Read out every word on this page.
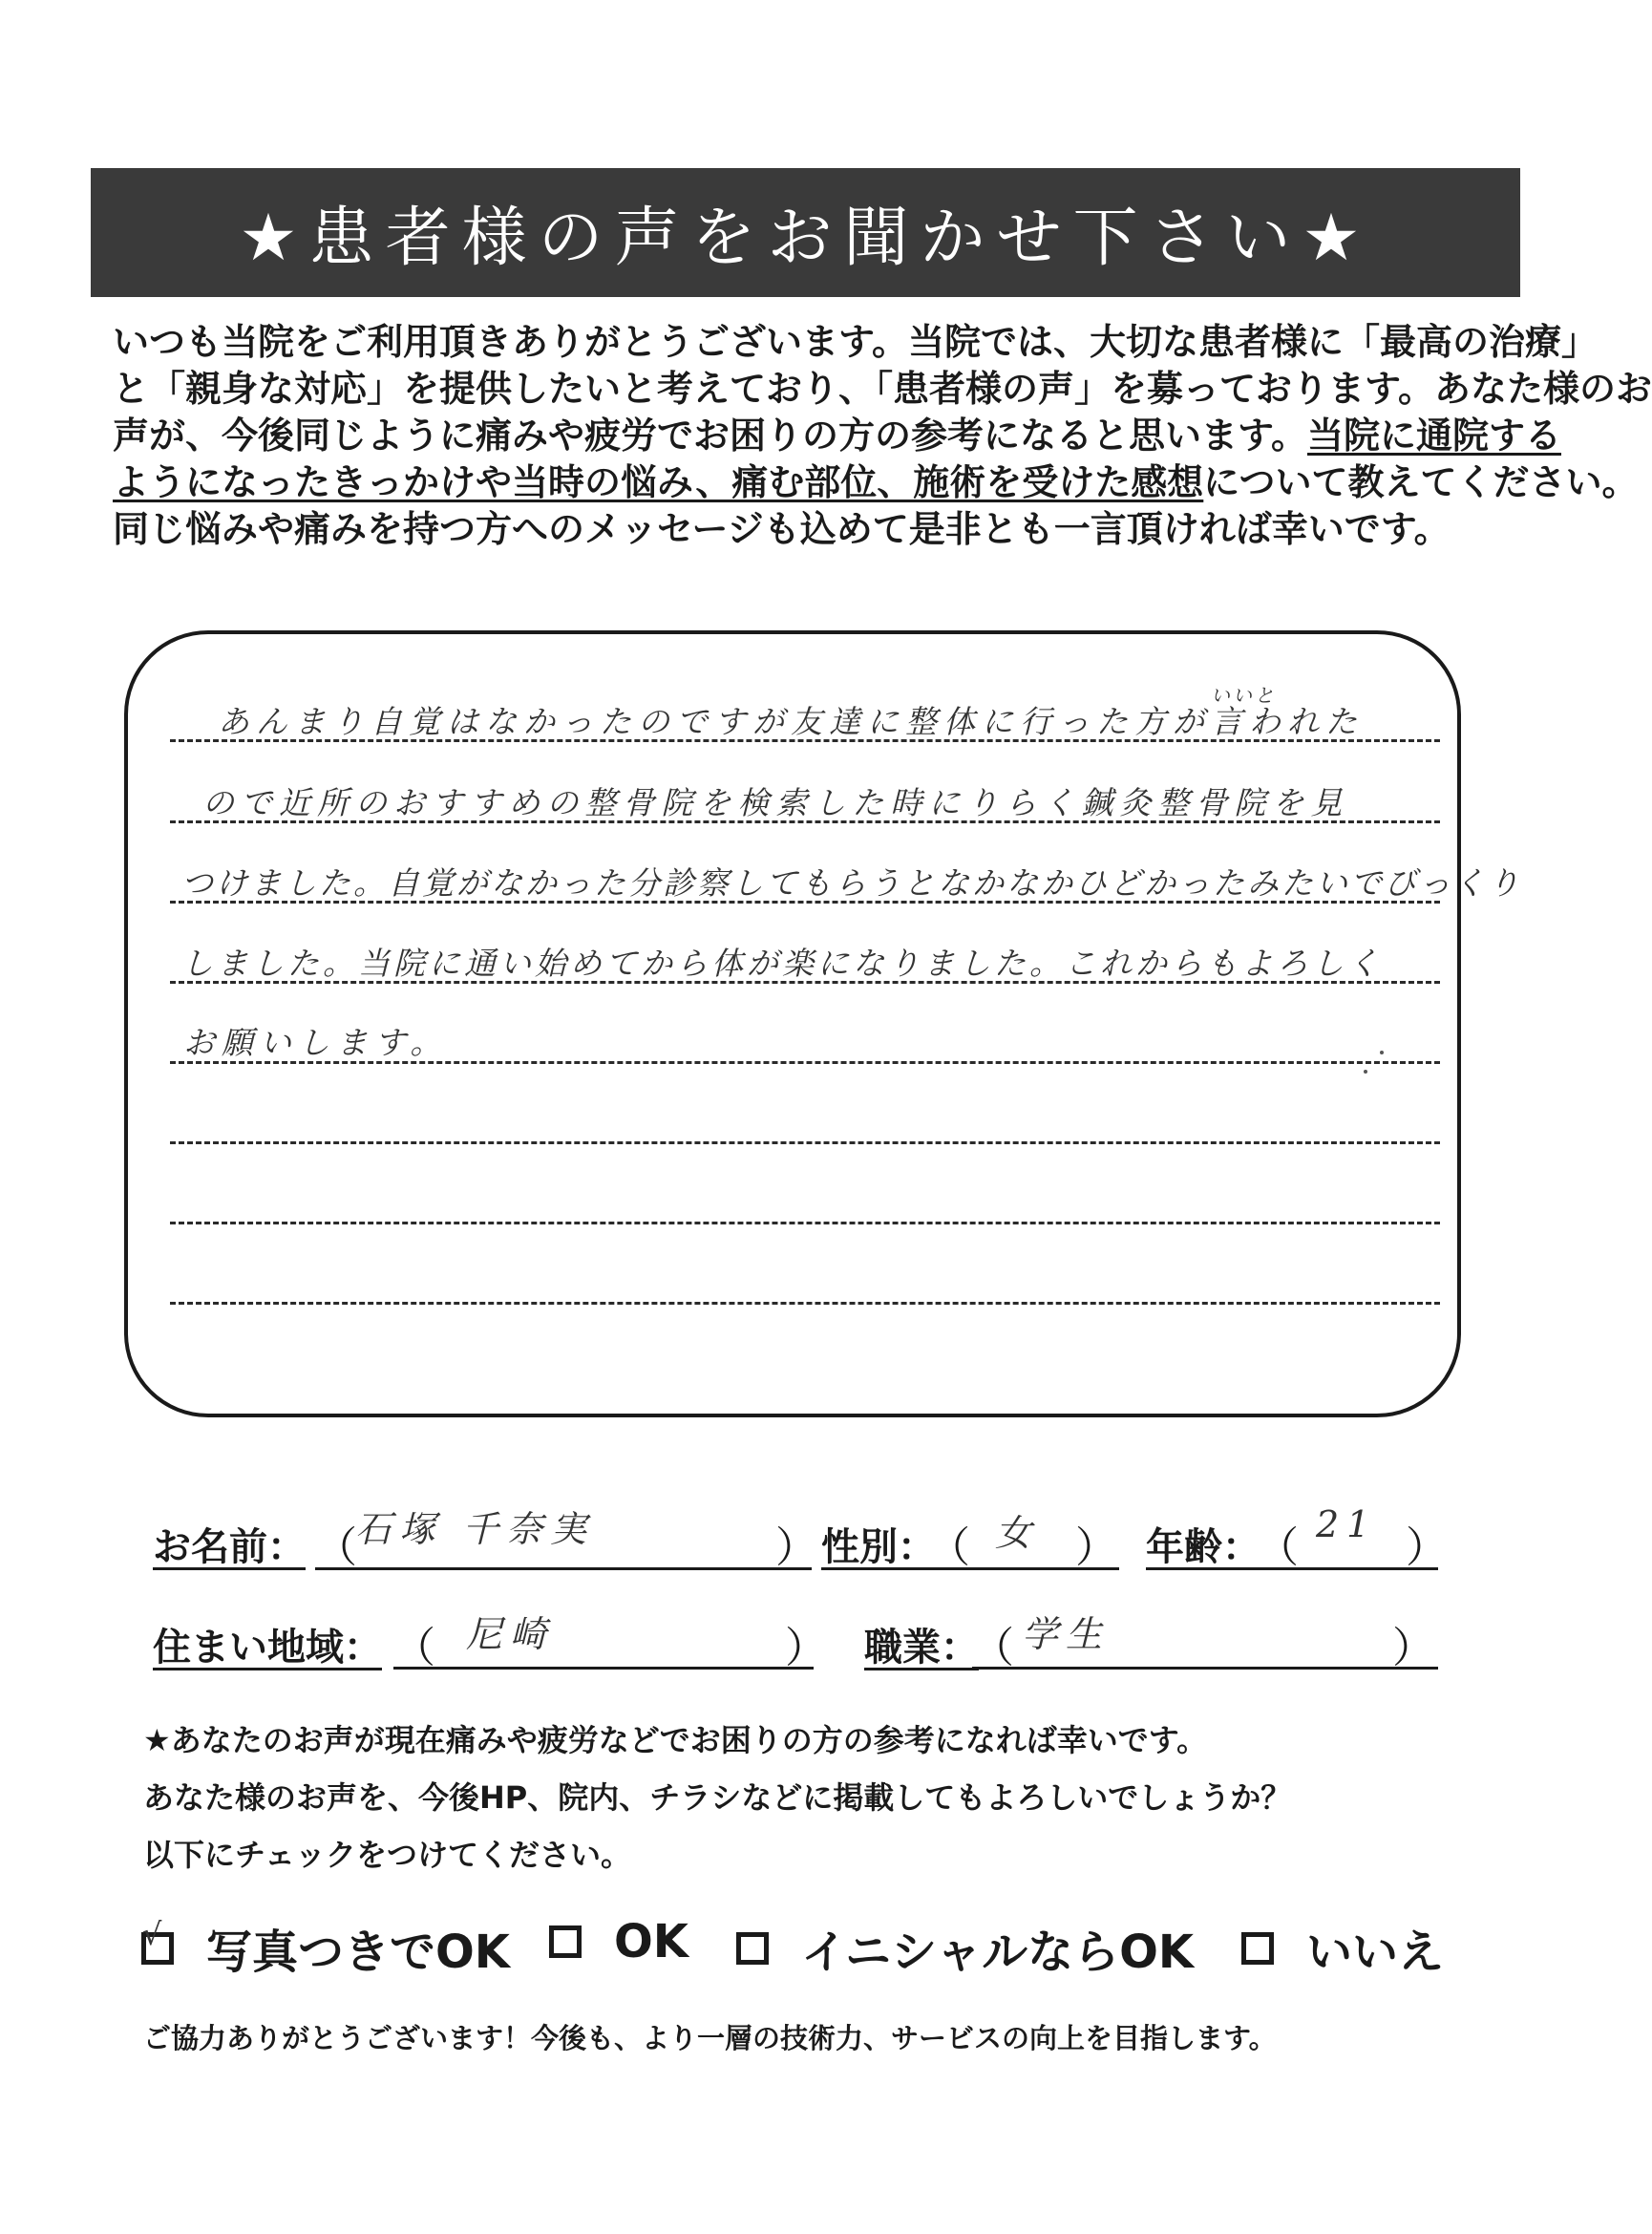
★患者様の声をお聞かせ下さい★
いつも当院をご利用頂きありがとうございます。当院では、大切な患者様に「最高の治療」
と「親身な対応」を提供したいと考えており、「患者様の声」を募っております。あなた様のお
声が、今後同じように痛みや疲労でお困りの方の参考になると思います。当院に通院する
ようになったきっかけや当時の悩み、痛む部位、施術を受けた感想について教えてください。
同じ悩みや痛みを持つ方へのメッセージも込めて是非とも一言頂ければ幸いです。
いいと
あんまり自覚はなかったのですが友達に整体に行った方が言われた
ので近所のおすすめの整骨院を検索した時にりらく鍼灸整骨院を見
つけました。自覚がなかった分診察してもらうとなかなかひどかったみたいでびっくり
しました。当院に通い始めてから体が楽になりました。これからもよろしく
お願いします。
お名前： （
石塚 千奈実	） 性別：
（ 女 ） 年齢：
（ 21 ）
住まい地域： （ 尼崎	） 職業：
（ 学生	）
★あなたのお声が現在痛みや疲労などでお困りの方の参考になれば幸いです。
あなた様のお声を、今後HP、院内、チラシなどに掲載してもよろしいでしょうか？
以下にチェックをつけてください。
√ 写真つきでOK OK イニシャルならOK いいえ
ご協力ありがとうございます！今後も、より一層の技術力、サービスの向上を目指します。
